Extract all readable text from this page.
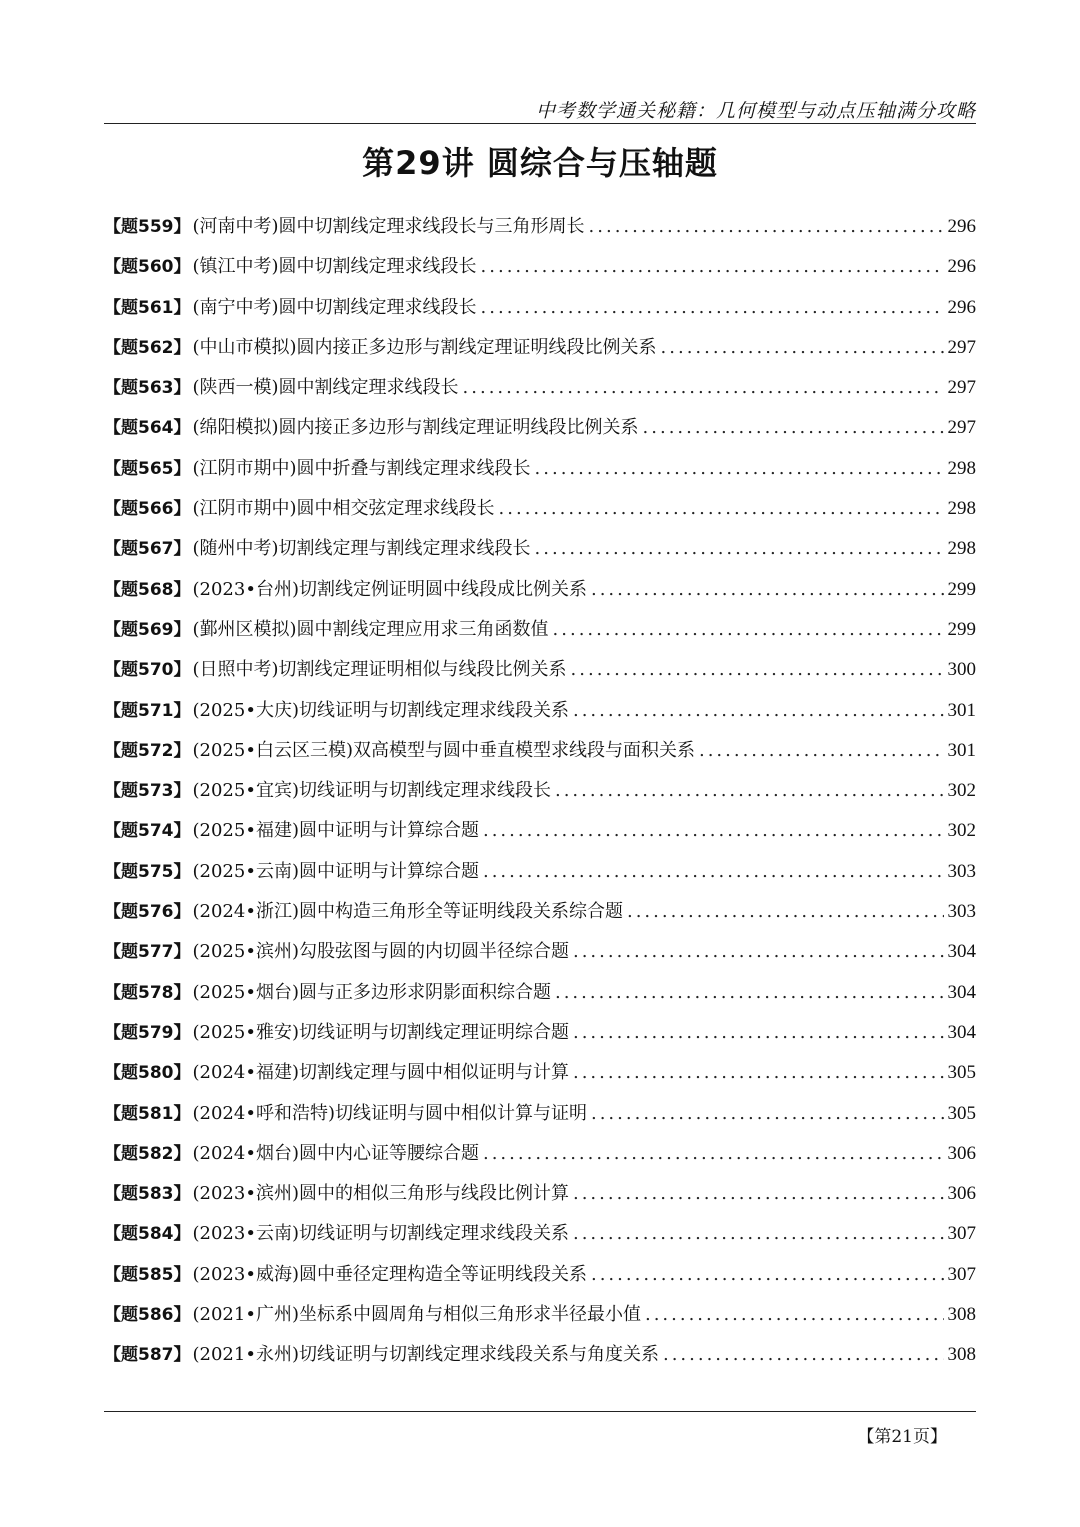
中考数学通关秘籍：几何模型与动点压轴满分攻略
第29讲 圆综合与压轴题
【题559】 (河南中考)圆中切割线定理求线段长与三角形周长 .....	296
【题560】 (镇江中考)圆中切割线定理求线段长 .....	296
【题561】 (南宁中考)圆中切割线定理求线段长 .....	296
【题562】 (中山市模拟)圆内接正多边形与割线定理证明线段比例关系 .....	297
【题563】 (陕西一模)圆中割线定理求线段长 .....	297
【题564】 (绵阳模拟)圆内接正多边形与割线定理证明线段比例关系 .....	297
【题565】 (江阴市期中)圆中折叠与割线定理求线段长 .....	298
【题566】 (江阴市期中)圆中相交弦定理求线段长 .....	298
【题567】 (随州中考)切割线定理与割线定理求线段长 .....	298
【题568】 (2023•台州)切割线定例证明圆中线段成比例关系 .....	299
【题569】 (鄞州区模拟)圆中割线定理应用求三角函数值 .....	299
【题570】 (日照中考)切割线定理证明相似与线段比例关系 .....	300
【题571】 (2025•大庆)切线证明与切割线定理求线段关系 .....	301
【题572】 (2025•白云区三模)双高模型与圆中垂直模型求线段与面积关系 .....	301
【题573】 (2025•宜宾)切线证明与切割线定理求线段长 .....	302
【题574】 (2025•福建)圆中证明与计算综合题 .....	302
【题575】 (2025•云南)圆中证明与计算综合题 .....	303
【题576】 (2024•浙江)圆中构造三角形全等证明线段关系综合题 .....	303
【题577】 (2025•滨州)勾股弦图与圆的内切圆半径综合题 .....	304
【题578】 (2025•烟台)圆与正多边形求阴影面积综合题 .....	304
【题579】 (2025•雅安)切线证明与切割线定理证明综合题 .....	304
【题580】 (2024•福建)切割线定理与圆中相似证明与计算 .....	305
【题581】 (2024•呼和浩特)切线证明与圆中相似计算与证明 .....	305
【题582】 (2024•烟台)圆中内心证等腰综合题 .....	306
【题583】 (2023•滨州)圆中的相似三角形与线段比例计算 .....	306
【题584】 (2023•云南)切线证明与切割线定理求线段关系 .....	307
【题585】 (2023•威海)圆中垂径定理构造全等证明线段关系 .....	307
【题586】 (2021•广州)坐标系中圆周角与相似三角形求半径最小值 .....	308
【题587】 (2021•永州)切线证明与切割线定理求线段关系与角度关系 .....	308
【第21页】
